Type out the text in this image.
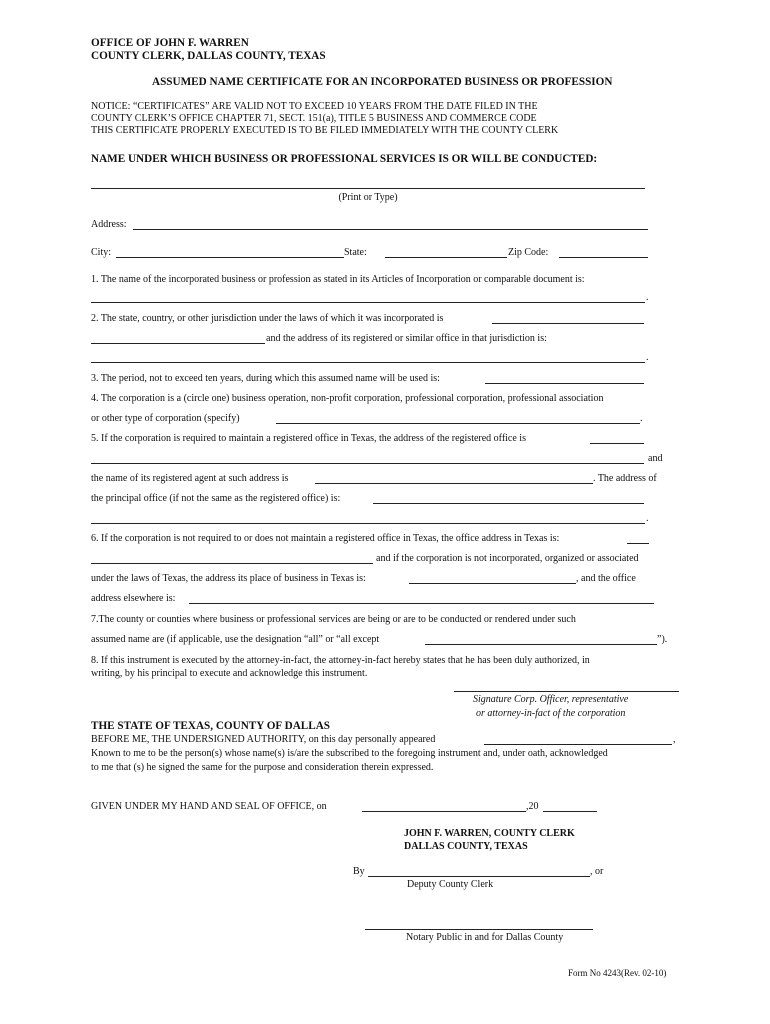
OFFICE OF JOHN F. WARREN
COUNTY CLERK, DALLAS COUNTY, TEXAS
ASSUMED NAME CERTIFICATE FOR AN INCORPORATED BUSINESS OR PROFESSION
NOTICE: “CERTIFICATES” ARE VALID NOT TO EXCEED 10 YEARS FROM THE DATE FILED IN THE
COUNTY CLERK’S OFFICE CHAPTER 71, SECT. 151(a), TITLE 5 BUSINESS AND COMMERCE CODE
THIS CERTIFICATE PROPERLY EXECUTED IS TO BE FILED IMMEDIATELY WITH THE COUNTY CLERK
NAME UNDER WHICH BUSINESS OR PROFESSIONAL SERVICES IS OR WILL BE CONDUCTED:
(Print or Type)
Address:
City:	State:	Zip Code:
1. The name of the incorporated business or profession as stated in its Articles of Incorporation or comparable document is:
.
2. The state, country, or other jurisdiction under the laws of which it was incorporated is
and the address of its registered or similar office in that jurisdiction is:
.
3. The period, not to exceed ten years, during which this assumed name will be used is:
4. The corporation is a (circle one) business operation, non-profit corporation, professional corporation, professional association
or other type of corporation (specify)	.
5. If the corporation is required to maintain a registered office in Texas, the address of the registered office is
and
the name of its registered agent at such address is	. The address of
the principal office (if not the same as the registered office) is:
.
6. If the corporation is not required to or does not maintain a registered office in Texas, the office address in Texas is:
and if the corporation is not incorporated, organized or associated
under the laws of Texas, the address its place of business in Texas is:	, and the office
address elsewhere is:
7.The county or counties where business or professional services are being or are to be conducted or rendered under such
assumed name are (if applicable, use the designation “all” or “all except	”).
8. If this instrument is executed by the attorney-in-fact, the attorney-in-fact hereby states that he has been duly authorized, in
writing, by his principal to execute and acknowledge this instrument.
Signature Corp. Officer, representative
or attorney-in-fact of the corporation
THE STATE OF TEXAS, COUNTY OF DALLAS
BEFORE ME, THE UNDERSIGNED AUTHORITY, on this day personally appeared	,
Known to me to be the person(s) whose name(s) is/are the subscribed to the foregoing instrument and, under oath, acknowledged
to me that (s) he signed the same for the purpose and consideration therein expressed.
GIVEN UNDER MY HAND AND SEAL OF OFFICE, on	,20
JOHN F. WARREN, COUNTY CLERK
DALLAS COUNTY, TEXAS
By	, or
Deputy County Clerk
Notary Public in and for Dallas County
Form No 4243(Rev. 02-10)
